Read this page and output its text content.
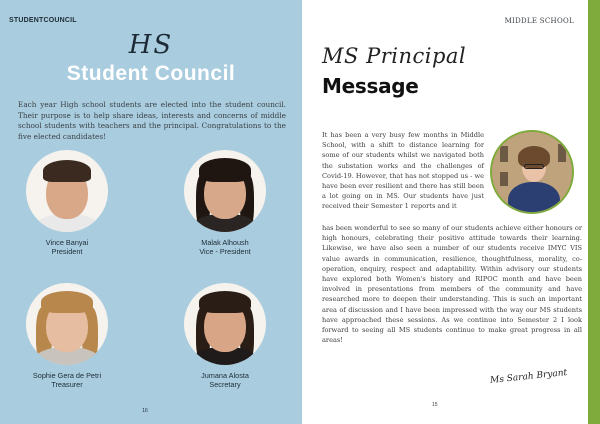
STUDENTCOUNCIL
HS
Student Council
Each year High school students are elected into the student council. Their purpose is to help share ideas, interests and concerns of middle school students with teachers and the principal. Congratulations to the five elected candidates!
Vince Banyai
President
Malak Alhoush
Vice - President
Sophie Gera de Petri
Treasurer
Jumana Alosta
Secretary
16
MIDDLE SCHOOL
MS Principal
Message
It has been a very busy few months in Middle School, with a shift to distance learning for some of our students whilst we navigated both the substation works and the challenges of Covid-19. However, that has not stopped us - we have been ever resilient and there has still been a lot going on in MS. Our students have just received their Semester 1 reports and it
has been wonderful to see so many of our students achieve either honours or high honours, celebrating their positive attitude towards their learning. Likewise, we have also seen a number of our students receive IMYC VIS value awards in communication, resilience, thoughtfulness, morality, co-operation, enquiry, respect and adaptability. Within advisory our students have explored both Women's history and RIPOC month and have been involved in presentations from members of the community and have researched more to deepen their understanding. This is such an important area of discussion and I have been impressed with the way our MS students have approached these sessions. As we continue into Semester 2 I look forward to seeing all MS students continue to make great progress in all areas!
Ms Sarah Bryant
15
